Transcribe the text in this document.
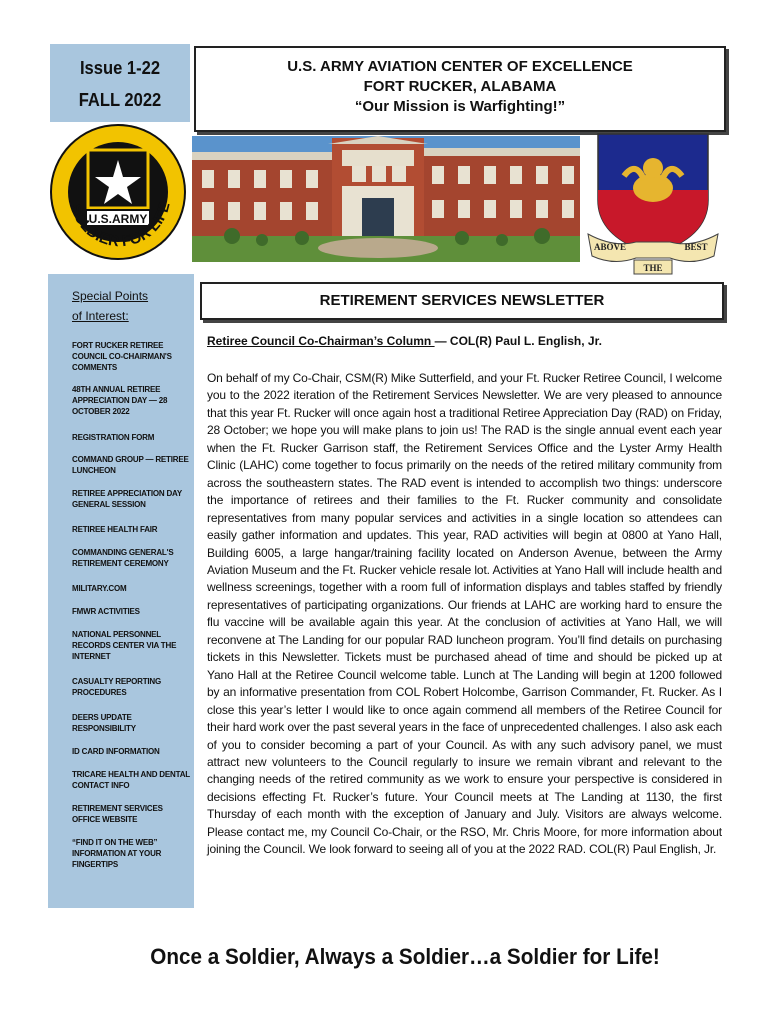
Issue 1-22
FALL 2022
U.S. ARMY AVIATION CENTER OF EXCELLENCE
FORT RUCKER, ALABAMA
“Our Mission is Warfighting!”
U.S.ARMY
SOLDIER FOR LIFE
ABOVE	BEST
THE
Special Points
of Interest:
FORT RUCKER RETIREE COUNCIL CO-CHAIRMAN'S COMMENTS
48TH ANNUAL RETIREE APPRECIATION DAY — 28 OCTOBER 2022
REGISTRATION FORM
COMMAND GROUP — RETIREE LUNCHEON
RETIREE APPRECIATION DAY GENERAL SESSION
RETIREE HEALTH FAIR
COMMANDING GENERAL'S RETIREMENT CEREMONY
MILITARY.COM
FMWR ACTIVITIES
NATIONAL PERSONNEL RECORDS CENTER VIA THE INTERNET
CASUALTY REPORTING PROCEDURES
DEERS UPDATE RESPONSIBILITY
ID CARD INFORMATION
TRICARE HEALTH AND DENTAL CONTACT INFO
RETIREMENT SERVICES OFFICE WEBSITE
“FIND IT ON THE WEB” INFORMATION AT YOUR FINGERTIPS
RETIREMENT SERVICES NEWSLETTER
Retiree Council Co-Chairman’s Column — COL(R) Paul L. English, Jr.
On behalf of my Co-Chair, CSM(R) Mike Sutterfield, and your Ft. Rucker Retiree Council, I welcome you to the 2022 iteration of the Retirement Services Newsletter. We are very pleased to announce that this year Ft. Rucker will once again host a traditional Retiree Appreciation Day (RAD) on Friday, 28 October; we hope you will make plans to join us! The RAD is the single annual event each year when the Ft. Rucker Garrison staff, the Retirement Services Office and the Lyster Army Health Clinic (LAHC) come together to focus primarily on the needs of the retired military community from across the southeastern states. The RAD event is intended to accomplish two things: underscore the importance of retirees and their families to the Ft. Rucker community and consolidate representatives from many popular services and activities in a single location so attendees can easily gather information and updates. This year, RAD activities will begin at 0800 at Yano Hall, Building 6005, a large hangar/training facility located on Anderson Avenue, between the Army Aviation Museum and the Ft. Rucker vehicle resale lot. Activities at Yano Hall will include health and wellness screenings, together with a room full of information displays and tables staffed by friendly representatives of participating organizations. Our friends at LAHC are working hard to ensure the flu vaccine will be available again this year. At the conclusion of activities at Yano Hall, we will reconvene at The Landing for our popular RAD luncheon program. You’ll find details on purchasing tickets in this Newsletter. Tickets must be purchased ahead of time and should be picked up at Yano Hall at the Retiree Council welcome table. Lunch at The Landing will begin at 1200 followed by an informative presentation from COL Robert Holcombe, Garrison Commander, Ft. Rucker. As I close this year’s letter I would like to once again commend all members of the Retiree Council for their hard work over the past several years in the face of unprecedented challenges. I also ask each of you to consider becoming a part of your Council. As with any such advisory panel, we must attract new volunteers to the Council regularly to insure we remain vibrant and relevant to the changing needs of the retired community as we work to ensure your perspective is considered in decisions effecting Ft. Rucker’s future. Your Council meets at The Landing at 1130, the first Thursday of each month with the exception of January and July. Visitors are always welcome. Please contact me, my Council Co-Chair, or the RSO, Mr. Chris Moore, for more information about joining the Council. We look forward to seeing all of you at the 2022 RAD. COL(R) Paul English, Jr.
Once a Soldier, Always a Soldier…a Soldier for Life!
